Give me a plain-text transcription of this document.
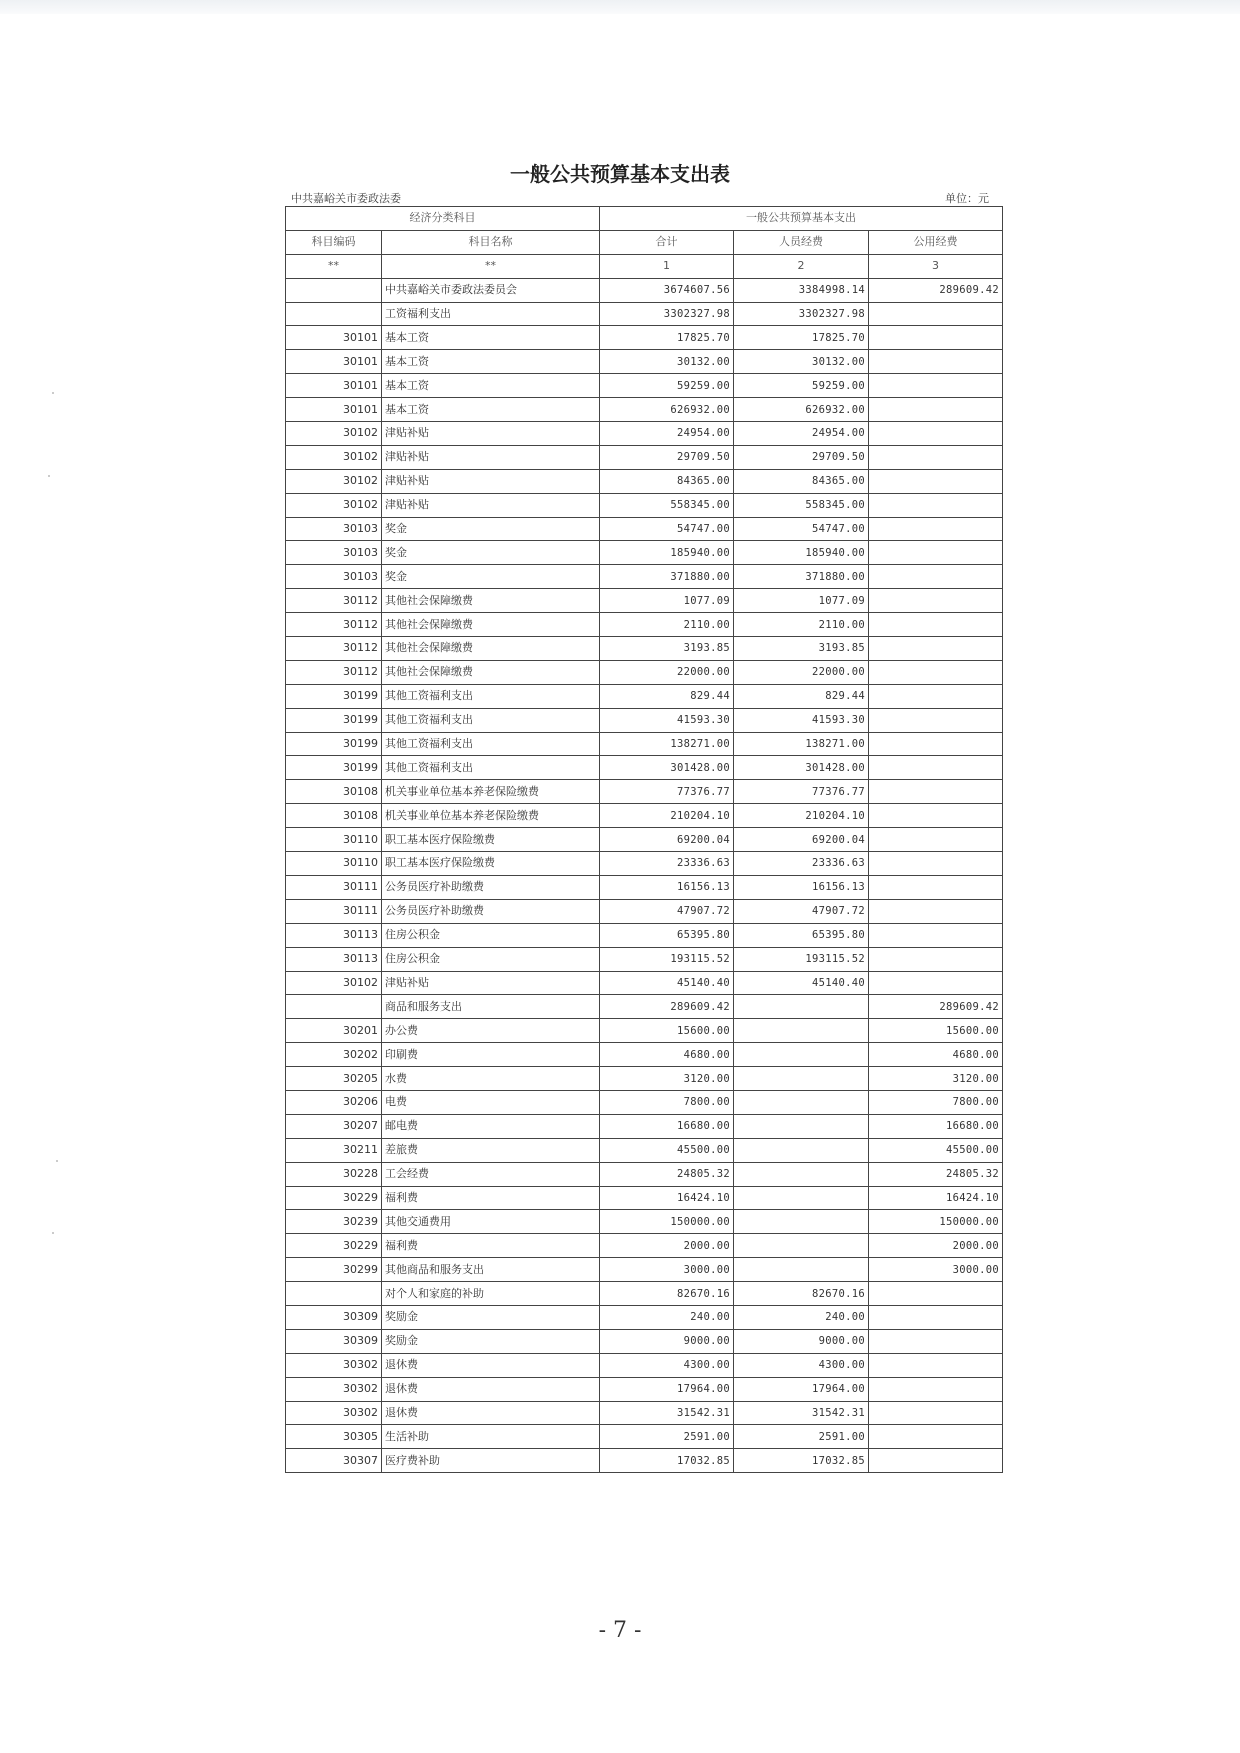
一般公共预算基本支出表
中共嘉峪关市委政法委	单位：元
经济分类科目		一般公共预算基本支出		
科目编码	科目名称	合计	人员经费	公用经费
**	**	1	2	3
	中共嘉峪关市委政法委员会	3674607.56	3384998.14	289609.42
	工资福利支出	3302327.98	3302327.98	
30101	基本工资	17825.70	17825.70	
30101	基本工资	30132.00	30132.00	
30101	基本工资	59259.00	59259.00	
30101	基本工资	626932.00	626932.00	
30102	津贴补贴	24954.00	24954.00	
30102	津贴补贴	29709.50	29709.50	
30102	津贴补贴	84365.00	84365.00	
30102	津贴补贴	558345.00	558345.00	
30103	奖金	54747.00	54747.00	
30103	奖金	185940.00	185940.00	
30103	奖金	371880.00	371880.00	
30112	其他社会保障缴费	1077.09	1077.09	
30112	其他社会保障缴费	2110.00	2110.00	
30112	其他社会保障缴费	3193.85	3193.85	
30112	其他社会保障缴费	22000.00	22000.00	
30199	其他工资福利支出	829.44	829.44	
30199	其他工资福利支出	41593.30	41593.30	
30199	其他工资福利支出	138271.00	138271.00	
30199	其他工资福利支出	301428.00	301428.00	
30108	机关事业单位基本养老保险缴费	77376.77	77376.77	
30108	机关事业单位基本养老保险缴费	210204.10	210204.10	
30110	职工基本医疗保险缴费	69200.04	69200.04	
30110	职工基本医疗保险缴费	23336.63	23336.63	
30111	公务员医疗补助缴费	16156.13	16156.13	
30111	公务员医疗补助缴费	47907.72	47907.72	
30113	住房公积金	65395.80	65395.80	
30113	住房公积金	193115.52	193115.52	
30102	津贴补贴	45140.40	45140.40	
	商品和服务支出	289609.42		289609.42
30201	办公费	15600.00		15600.00
30202	印刷费	4680.00		4680.00
30205	水费	3120.00		3120.00
30206	电费	7800.00		7800.00
30207	邮电费	16680.00		16680.00
30211	差旅费	45500.00		45500.00
30228	工会经费	24805.32		24805.32
30229	福利费	16424.10		16424.10
30239	其他交通费用	150000.00		150000.00
30229	福利费	2000.00		2000.00
30299	其他商品和服务支出	3000.00		3000.00
	对个人和家庭的补助	82670.16	82670.16	
30309	奖励金	240.00	240.00	
30309	奖励金	9000.00	9000.00	
30302	退休费	4300.00	4300.00	
30302	退休费	17964.00	17964.00	
30302	退休费	31542.31	31542.31	
30305	生活补助	2591.00	2591.00	
30307	医疗费补助	17032.85	17032.85	
- 7 -
